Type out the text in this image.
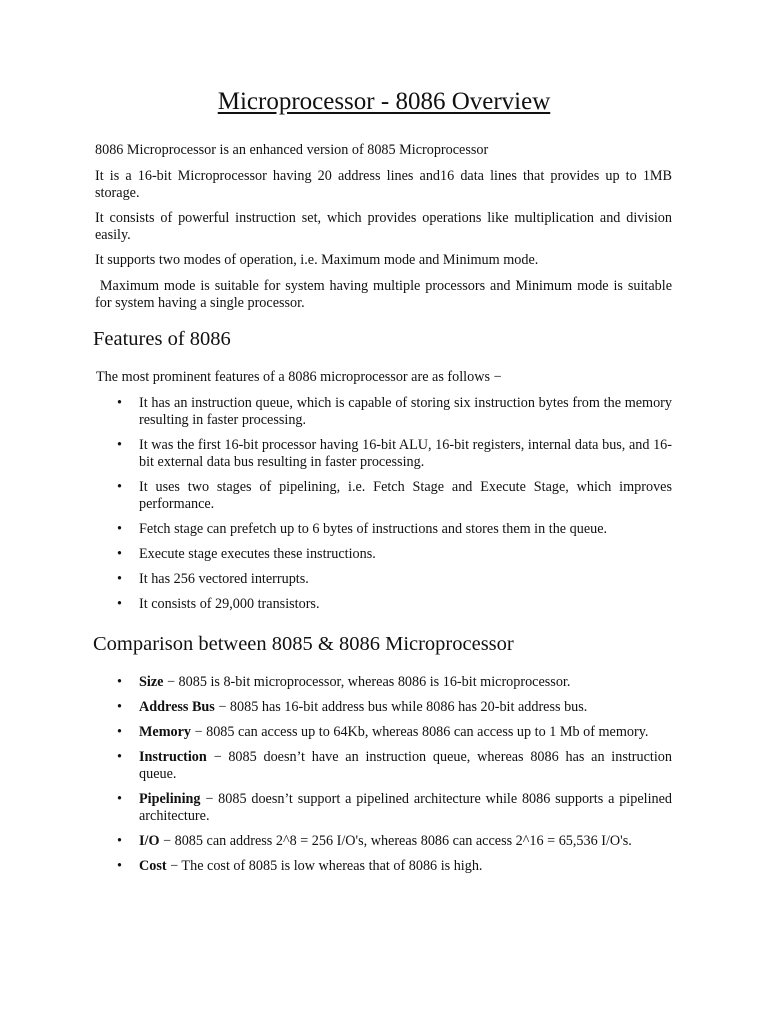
Microprocessor - 8086 Overview
8086 Microprocessor is an enhanced version of 8085 Microprocessor
It is a 16-bit Microprocessor having 20 address lines and16 data lines that provides up to 1MB storage.
It consists of powerful instruction set, which provides operations like multiplication and division easily.
It supports two modes of operation, i.e. Maximum mode and Minimum mode.
Maximum mode is suitable for system having multiple processors and Minimum mode is suitable for system having a single processor.
Features of 8086
The most prominent features of a 8086 microprocessor are as follows −
• It has an instruction queue, which is capable of storing six instruction bytes from the memory resulting in faster processing.
• It was the first 16-bit processor having 16-bit ALU, 16-bit registers, internal data bus, and 16-bit external data bus resulting in faster processing.
• It uses two stages of pipelining, i.e. Fetch Stage and Execute Stage, which improves performance.
• Fetch stage can prefetch up to 6 bytes of instructions and stores them in the queue.
• Execute stage executes these instructions.
• It has 256 vectored interrupts.
• It consists of 29,000 transistors.
Comparison between 8085 & 8086 Microprocessor
• Size − 8085 is 8-bit microprocessor, whereas 8086 is 16-bit microprocessor.
• Address Bus − 8085 has 16-bit address bus while 8086 has 20-bit address bus.
• Memory − 8085 can access up to 64Kb, whereas 8086 can access up to 1 Mb of memory.
• Instruction − 8085 doesn’t have an instruction queue, whereas 8086 has an instruction queue.
• Pipelining − 8085 doesn’t support a pipelined architecture while 8086 supports a pipelined architecture.
• I/O − 8085 can address 2^8 = 256 I/O's, whereas 8086 can access 2^16 = 65,536 I/O's.
• Cost − The cost of 8085 is low whereas that of 8086 is high.
